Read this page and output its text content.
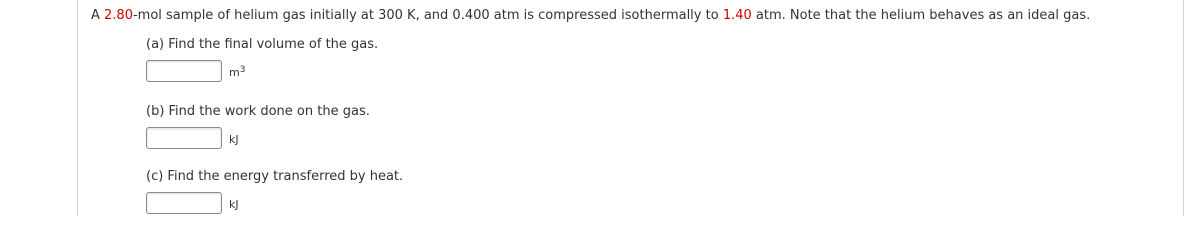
A 2.80-mol sample of helium gas initially at 300 K, and 0.400 atm is compressed isothermally to 1.40 atm. Note that the helium behaves as an ideal gas.
(a) Find the final volume of the gas.
$m^3$
(b) Find the work done on the gas.
kJ
(c) Find the energy transferred by heat.
kJ
